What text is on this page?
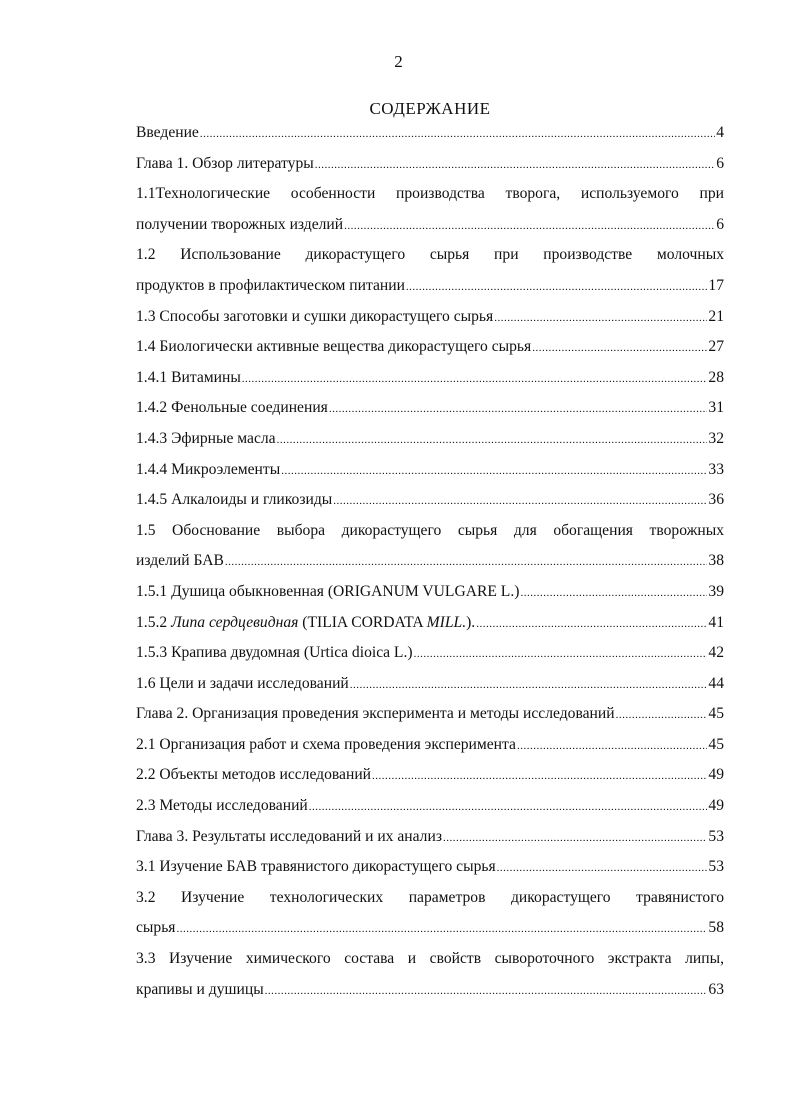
2
СОДЕРЖАНИЕ
Введение .....	4
Глава 1. Обзор литературы .....	6
1.1Технологические особенности производства творога, используемого при
получении творожных изделий .....	6
1.2 Использование дикорастущего сырья при производстве молочных
продуктов в профилактическом питании .....	17
1.3 Способы заготовки и сушки дикорастущего сырья .....	21
1.4 Биологически активные вещества дикорастущего сырья .....	27
1.4.1 Витамины .....	28
1.4.2 Фенольные соединения .....	31
1.4.3 Эфирные масла .....	32
1.4.4 Микроэлементы .....	33
1.4.5 Алкалоиды и гликозиды .....	36
1.5 Обоснование выбора дикорастущего сырья для обогащения творожных
изделий БАВ .....	38
1.5.1 Душица обыкновенная (ORIGANUM VULGARE L.) .....	39
1.5.2 Липа сердцевидная (TILIA CORDATA MILL.). .....	41
1.5.3 Крапива двудомная (Urtica dioica L.) .....	42
1.6 Цели и задачи исследований .....	44
Глава 2. Организация проведения эксперимента и методы исследований .....	45
2.1 Организация работ и схема проведения эксперимента .....	45
2.2 Объекты методов исследований .....	49
2.3 Методы исследований .....	49
Глава 3. Результаты исследований и их анализ .....	53
3.1 Изучение БАВ травянистого дикорастущего сырья .....	53
3.2 Изучение технологических параметров дикорастущего травянистого
сырья .....	58
3.3 Изучение химического состава и свойств сывороточного экстракта липы,
крапивы и душицы .....	63
